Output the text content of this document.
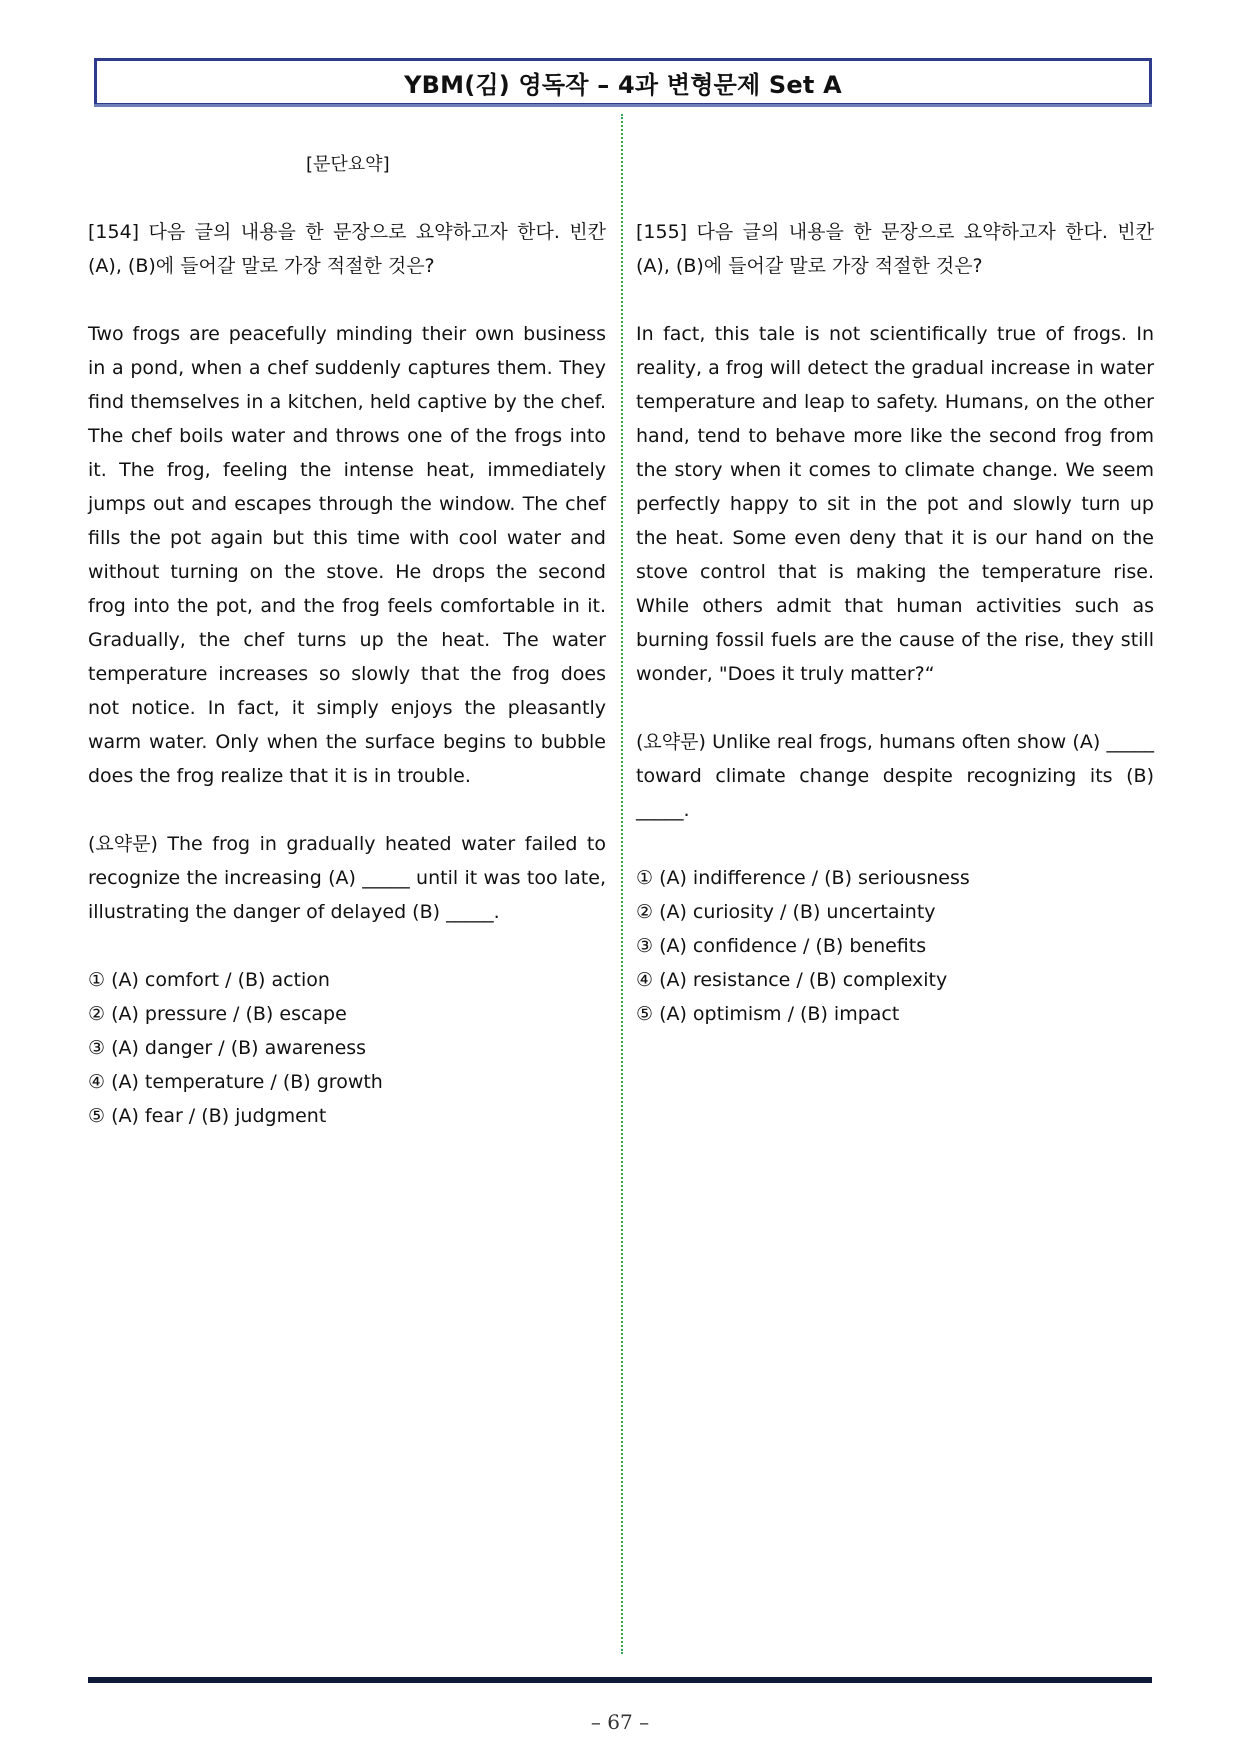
YBM(김) 영독작 – 4과 변형문제 Set A
[문단요약]

[154] 다음 글의 내용을 한 문장으로 요약하고자 한다. 빈칸 (A), (B)에 들어갈 말로 가장 적절한 것은?

Two frogs are peacefully minding their own business in a pond, when a chef suddenly captures them. They find themselves in a kitchen, held captive by the chef. The chef boils water and throws one of the frogs into it. The frog, feeling the intense heat, immediately jumps out and escapes through the window. The chef fills the pot again but this time with cool water and without turning on the stove. He drops the second frog into the pot, and the frog feels comfortable in it. Gradually, the chef turns up the heat. The water temperature increases so slowly that the frog does not notice. In fact, it simply enjoys the pleasantly warm water. Only when the surface begins to bubble does the frog realize that it is in trouble.

(요약문) The frog in gradually heated water failed to recognize the increasing (A) _____ until it was too late, illustrating the danger of delayed (B) _____.

① (A) comfort / (B) action
② (A) pressure / (B) escape
③ (A) danger / (B) awareness
④ (A) temperature / (B) growth
⑤ (A) fear / (B) judgment

[155] 다음 글의 내용을 한 문장으로 요약하고자 한다. 빈칸 (A), (B)에 들어갈 말로 가장 적절한 것은?

In fact, this tale is not scientifically true of frogs. In reality, a frog will detect the gradual increase in water temperature and leap to safety. Humans, on the other hand, tend to behave more like the second frog from the story when it comes to climate change. We seem perfectly happy to sit in the pot and slowly turn up the heat. Some even deny that it is our hand on the stove control that is making the temperature rise. While others admit that human activities such as burning fossil fuels are the cause of the rise, they still wonder, "Does it truly matter?“

(요약문) Unlike real frogs, humans often show (A) _____ toward climate change despite recognizing its (B) _____.

① (A) indifference / (B) seriousness
② (A) curiosity / (B) uncertainty
③ (A) confidence / (B) benefits
④ (A) resistance / (B) complexity
⑤ (A) optimism / (B) impact
– 67 –
